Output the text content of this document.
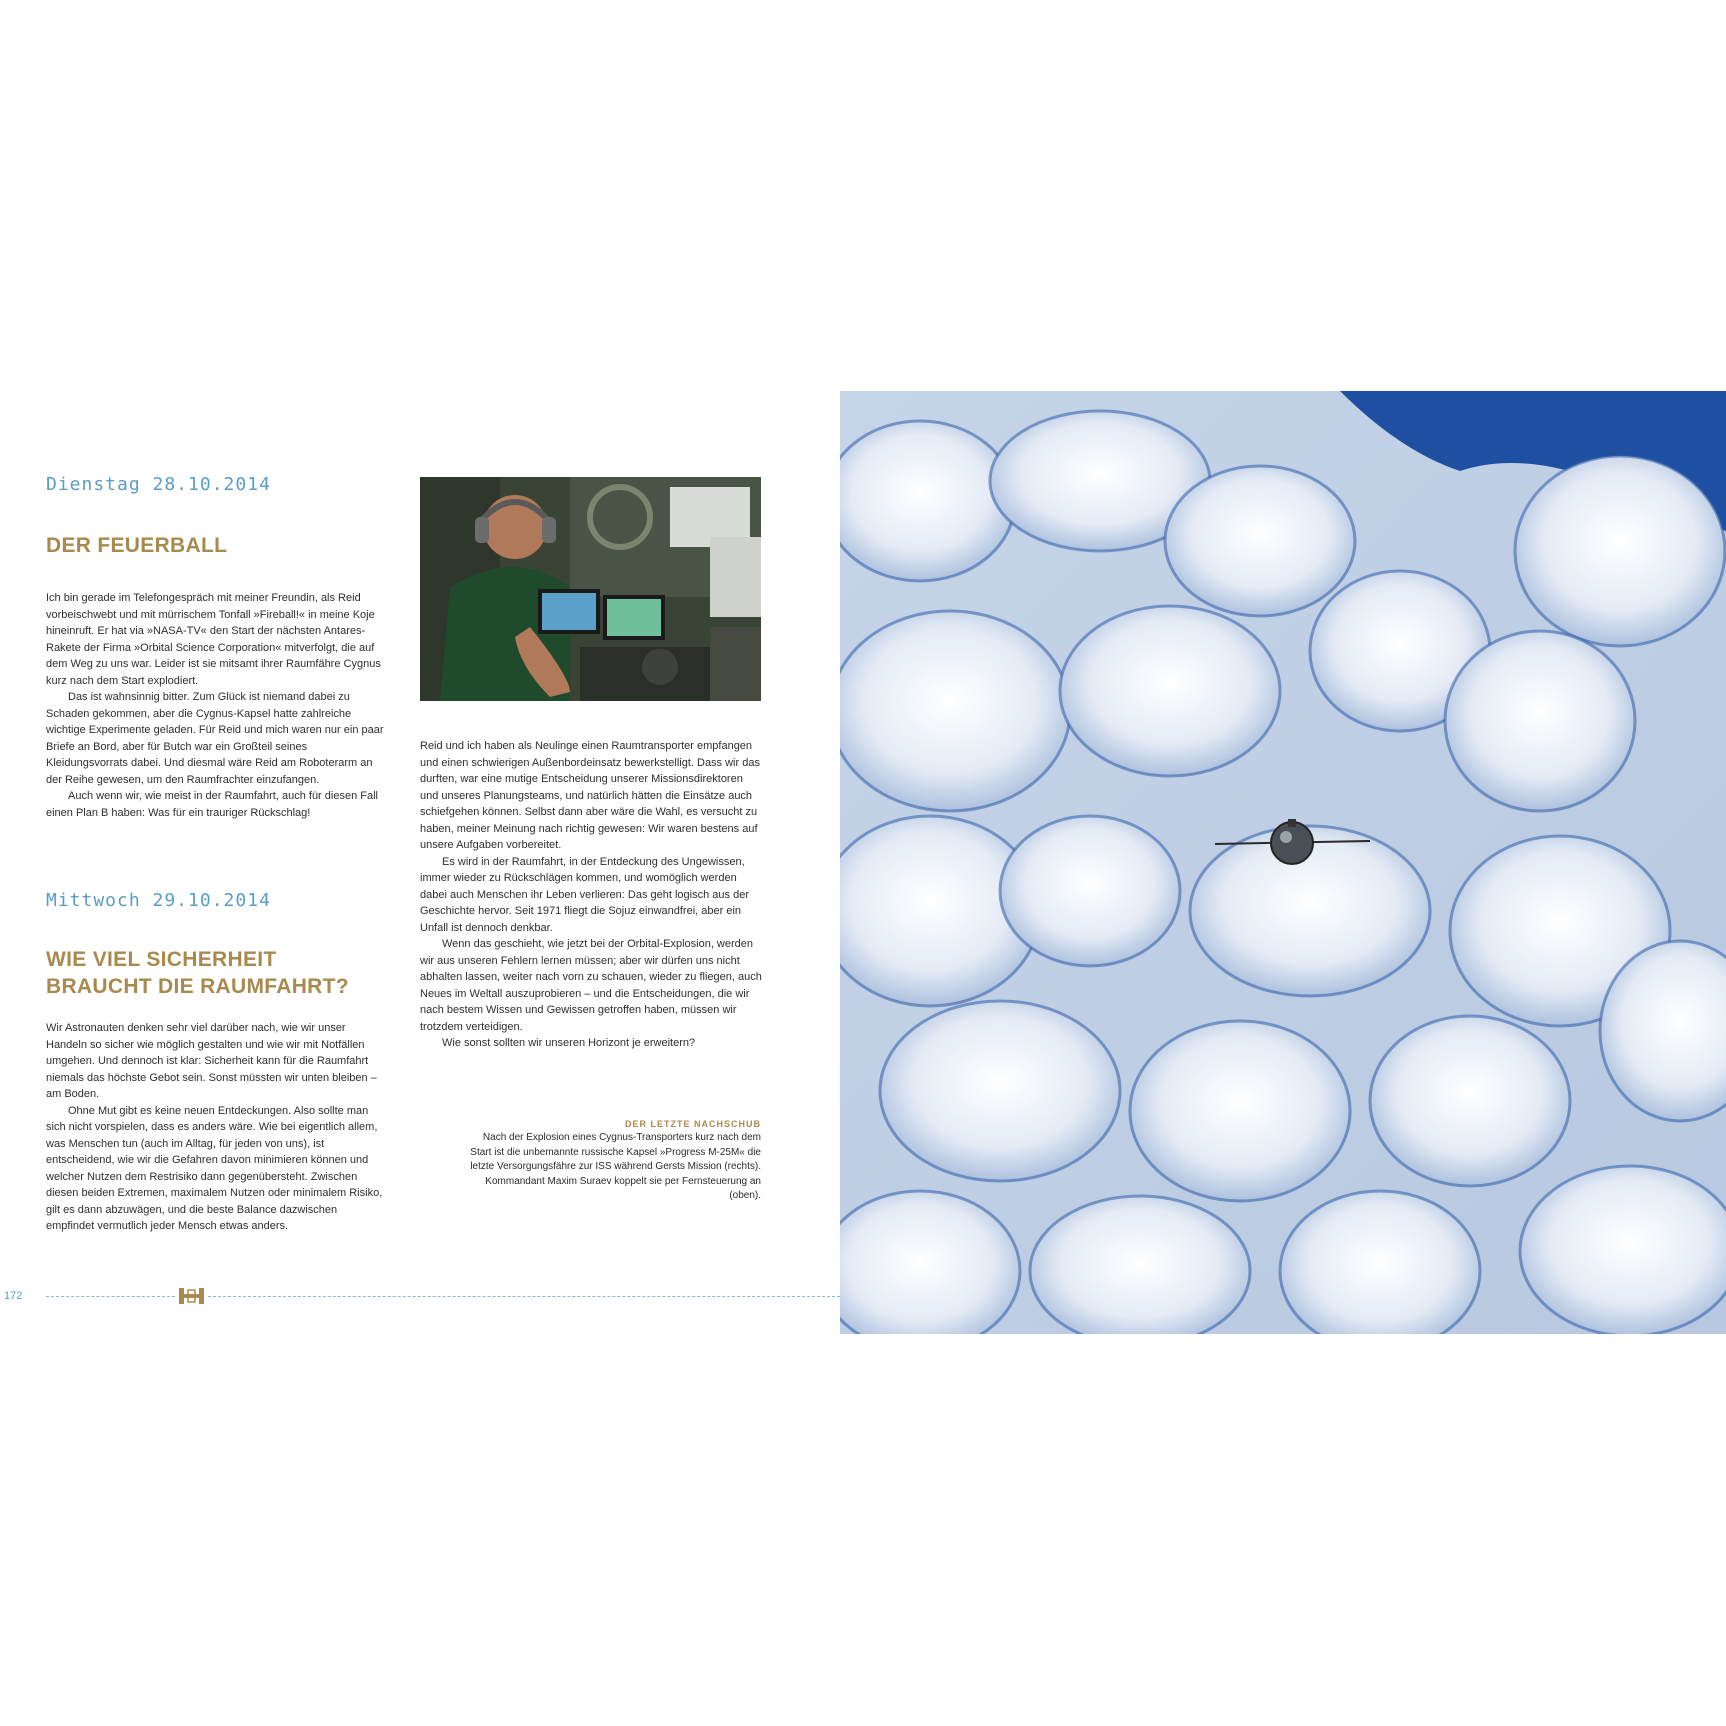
Dienstag 28.10.2014
DER FEUERBALL

Ich bin gerade im Telefongespräch mit meiner Freundin, als Reid vorbeischwebt und mit mürrischem Tonfall »Fireball!« in meine Koje hineinruft. Er hat via »NASA-TV« den Start der nächsten Antares-Rakete der Firma »Orbital Science Corporation« mitverfolgt, die auf dem Weg zu uns war. Leider ist sie mitsamt ihrer Raumfähre Cygnus kurz nach dem Start explodiert.

Das ist wahnsinnig bitter. Zum Glück ist niemand dabei zu Schaden gekommen, aber die Cygnus-Kapsel hatte zahlreiche wichtige Experimente geladen. Für Reid und mich waren nur ein paar Briefe an Bord, aber für Butch war ein Großteil seines Kleidungsvorrats dabei. Und diesmal wäre Reid am Roboterarm an der Reihe gewesen, um den Raumfrachter einzufangen.

Auch wenn wir, wie meist in der Raumfahrt, auch für diesen Fall einen Plan B haben: Was für ein trauriger Rückschlag!

Mittwoch 29.10.2014
WIE VIEL SICHERHEIT BRAUCHT DIE RAUMFAHRT?

Wir Astronauten denken sehr viel darüber nach, wie wir unser Handeln so sicher wie möglich gestalten und wie wir mit Notfällen umgehen. Und dennoch ist klar: Sicherheit kann für die Raumfahrt niemals das höchste Gebot sein. Sonst müssten wir unten bleiben – am Boden.

Ohne Mut gibt es keine neuen Entdeckungen. Also sollte man sich nicht vorspielen, dass es anders wäre. Wie bei eigentlich allem, was Menschen tun (auch im Alltag, für jeden von uns), ist entscheidend, wie wir die Gefahren davon minimieren können und welcher Nutzen dem Restrisiko dann gegenübersteht. Zwischen diesen beiden Extremen, maximalem Nutzen oder minimalem Risiko, gilt es dann abzuwägen, und die beste Balance dazwischen empfindet vermutlich jeder Mensch etwas anders.

Reid und ich haben als Neulinge einen Raumtransporter empfangen und einen schwierigen Außenbordeinsatz bewerkstelligt. Dass wir das durften, war eine mutige Entscheidung unserer Missionsdirektoren und unseres Planungsteams, und natürlich hätten die Einsätze auch schiefgehen können. Selbst dann aber wäre die Wahl, es versucht zu haben, meiner Meinung nach richtig gewesen: Wir waren bestens auf unsere Aufgaben vorbereitet.

Es wird in der Raumfahrt, in der Entdeckung des Ungewissen, immer wieder zu Rückschlägen kommen, und womöglich werden dabei auch Menschen ihr Leben verlieren: Das geht logisch aus der Geschichte hervor. Seit 1971 fliegt die Sojuz einwandfrei, aber ein Unfall ist dennoch denkbar.

Wenn das geschieht, wie jetzt bei der Orbital-Explosion, werden wir aus unseren Fehlern lernen müssen; aber wir dürfen uns nicht abhalten lassen, weiter nach vorn zu schauen, wieder zu fliegen, auch Neues im Weltall auszuprobieren – und die Entscheidungen, die wir nach bestem Wissen und Gewissen getroffen haben, müssen wir trotzdem verteidigen.

Wie sonst sollten wir unseren Horizont je erweitern?

DER LETZTE NACHSCHUB
Nach der Explosion eines Cygnus-Transporters kurz nach dem Start ist die unbemannte russische Kapsel »Progress M-25M« die letzte Versorgungsfähre zur ISS während Gersts Mission (rechts). Kommandant Maxim Suraev koppelt sie per Fernsteuerung an (oben).
172
